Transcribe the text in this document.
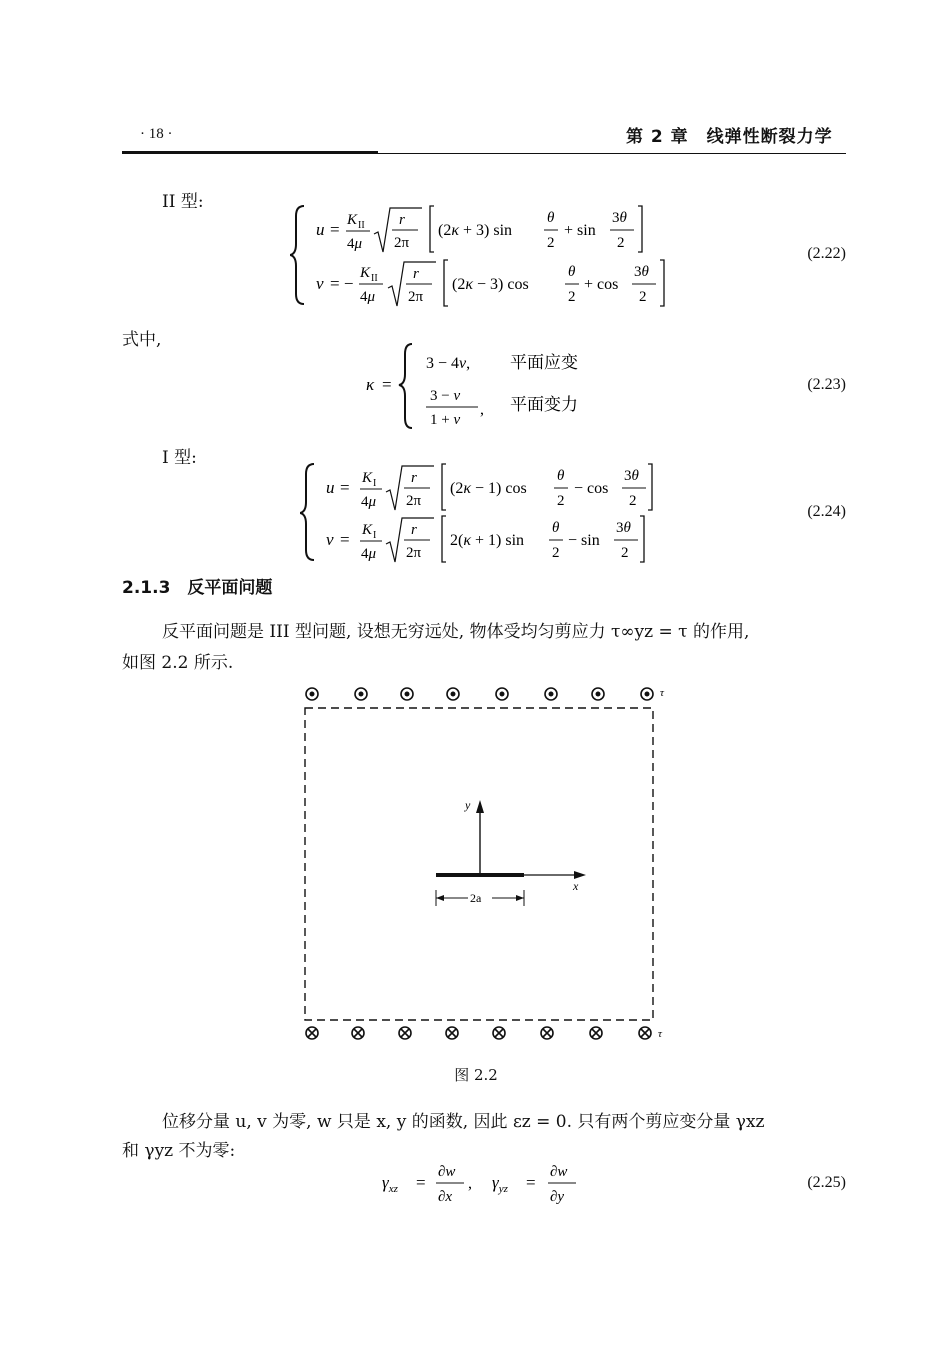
· 18 ·	第 2 章　线弹性断裂力学
II 型:
u = K II
4μ
r
2π
(2κ + 3) sin
θ
2
+ sin
3θ
2
v = −
K II
4μ
r
2π
(2κ − 3) cos
θ
2
+ cos
3θ
2
(2.22)
式中,
κ =
3 − 4ν, 平面应变
3 − ν
1 + ν
, 平面变力
(2.23)
I 型:
u = K I
4μ
r
2π
(2κ − 1) cos
θ
2
− cos
3θ
2
v = K I
4μ
r
2π
2(κ + 1) sin
θ
2
− sin
3θ
2
(2.24)
2.1.3　反平面问题
反平面问题是 III 型问题, 设想无穷远处, 物体受均匀剪应力 τ∞yz = τ 的作用,
如图 2.2 所示.
τ
τ
y
x
2a
图 2.2
位移分量 u, v 为零, w 只是 x, y 的函数, 因此 εz = 0. 只有两个剪应变分量 γxz
和 γyz 不为零:
$\gamma_{xz}$ =
∂w
∂x
, $\gamma_{yz}$ =
∂w
∂y
(2.25)
